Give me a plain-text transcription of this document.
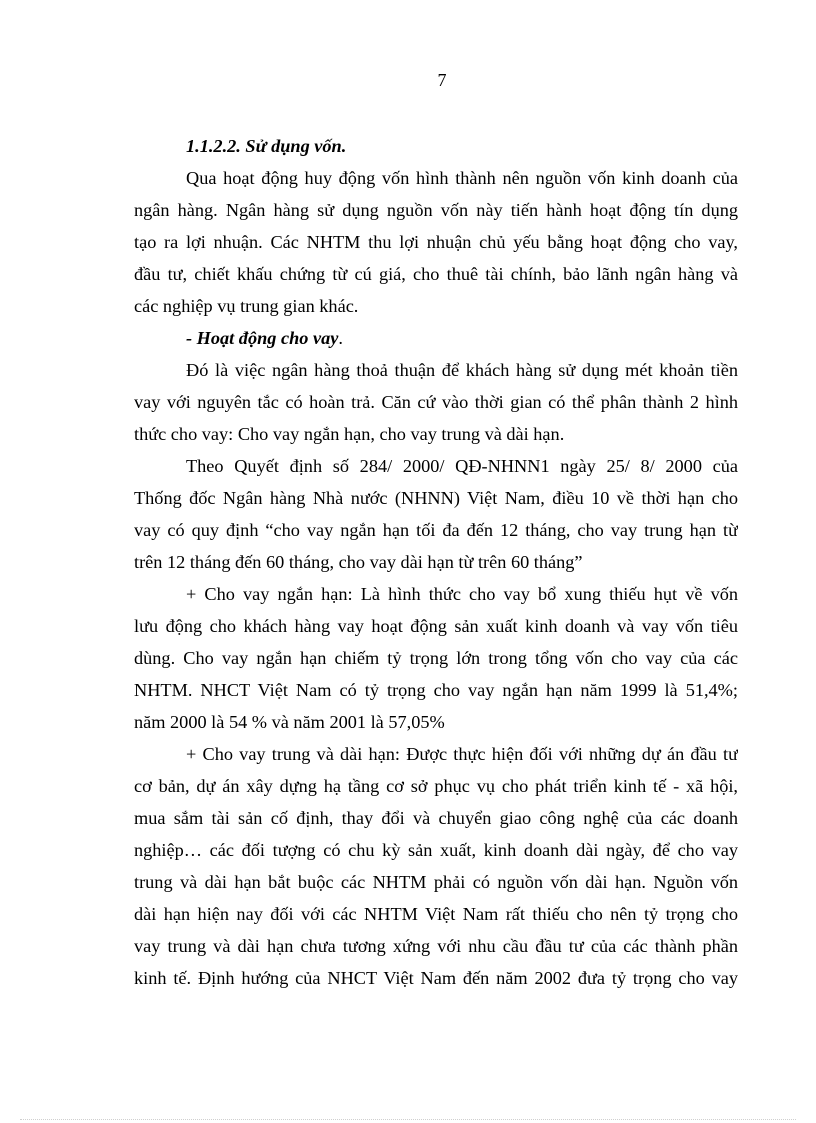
7
1.1.2.2. Sử dụng vốn.
Qua hoạt động huy động vốn hình thành nên nguồn vốn kinh doanh của
ngân hàng. Ngân hàng sử dụng nguồn vốn này tiến hành hoạt động tín dụng
tạo ra lợi nhuận. Các NHTM thu lợi nhuận chủ yếu bằng hoạt động cho vay,
đầu tư, chiết khấu chứng từ cú giá, cho thuê tài chính, bảo lãnh ngân hàng và
các nghiệp vụ trung gian khác.
- Hoạt động cho vay.
Đó là việc ngân hàng thoả thuận để khách hàng sử dụng mét khoản tiền
vay với nguyên tắc có hoàn trả. Căn cứ vào thời gian có thể phân thành 2 hình
thức cho vay: Cho vay ngắn hạn, cho vay trung và dài hạn.
Theo Quyết định số 284/ 2000/ QĐ-NHNN1 ngày 25/ 8/ 2000 của
Thống đốc Ngân hàng Nhà nước (NHNN) Việt Nam, điều 10 về thời hạn cho
vay có quy định “cho vay ngắn hạn tối đa đến 12 tháng, cho vay trung hạn từ
trên 12 tháng đến 60 tháng, cho vay dài hạn từ trên 60 tháng”
+ Cho vay ngắn hạn: Là hình thức cho vay bổ xung thiếu hụt về vốn
lưu động cho khách hàng vay hoạt động sản xuất kinh doanh và vay vốn tiêu
dùng. Cho vay ngắn hạn chiếm tỷ trọng lớn trong tổng vốn cho vay của các
NHTM. NHCT Việt Nam có tỷ trọng cho vay ngắn hạn năm 1999 là 51,4%;
năm 2000 là 54 % và năm 2001 là 57,05%
+ Cho vay trung và dài hạn: Được thực hiện đối với những dự án đầu tư
cơ bản, dự án xây dựng hạ tầng cơ sở phục vụ cho phát triển kinh tế - xã hội,
mua sắm tài sản cố định, thay đổi và chuyển giao công nghệ của các doanh
nghiệp… các đối tượng có chu kỳ sản xuất, kinh doanh dài ngày, để cho vay
trung và dài hạn bắt buộc các NHTM phải có nguồn vốn dài hạn. Nguồn vốn
dài hạn hiện nay đối với các NHTM Việt Nam rất thiếu cho nên tỷ trọng cho
vay trung và dài hạn chưa tương xứng với nhu cầu đầu tư của các thành phần
kinh tế. Định hướng của NHCT Việt Nam đến năm 2002 đưa tỷ trọng cho vay
